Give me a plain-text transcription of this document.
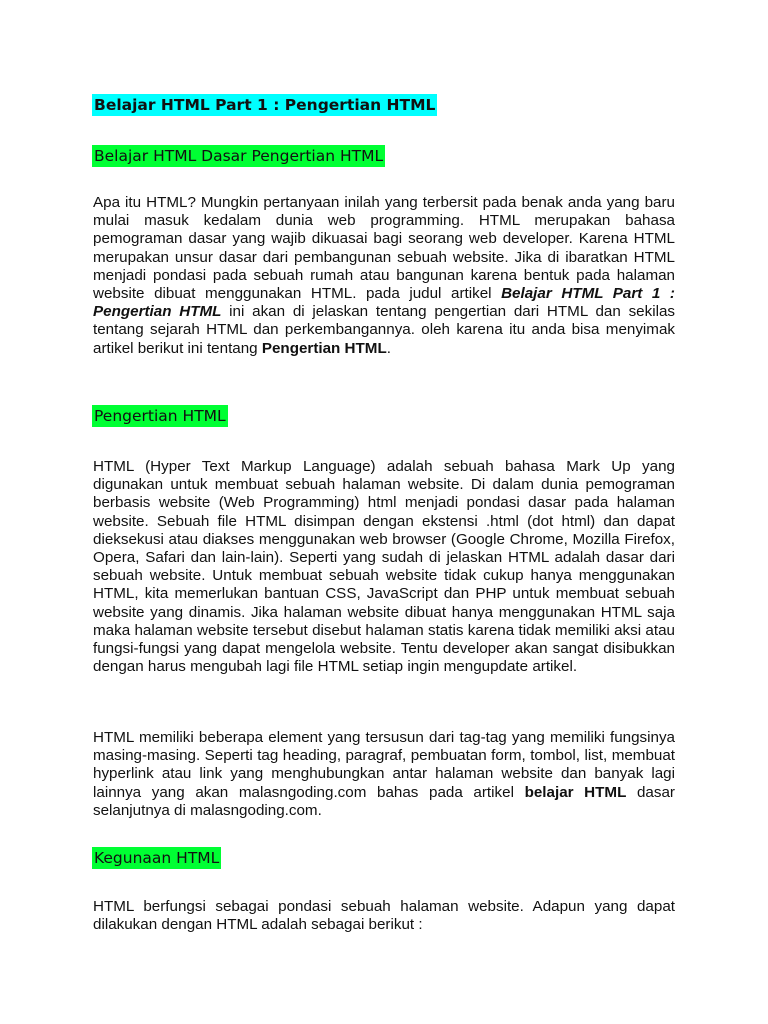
Belajar HTML Part 1 : Pengertian HTML
Belajar HTML Dasar Pengertian HTML

Apa itu HTML? Mungkin pertanyaan inilah yang terbersit pada benak anda yang baru mulai masuk kedalam dunia web programming. HTML merupakan bahasa pemograman dasar yang wajib dikuasai bagi seorang web developer. Karena HTML merupakan unsur dasar dari pembangunan sebuah website. Jika di ibaratkan HTML menjadi pondasi pada sebuah rumah atau bangunan karena bentuk pada halaman website dibuat menggunakan HTML. pada judul artikel Belajar HTML Part 1 : Pengertian HTML ini akan di jelaskan tentang pengertian dari HTML dan sekilas tentang sejarah HTML dan perkembangannya. oleh karena itu anda bisa menyimak artikel berikut ini tentang Pengertian HTML.

Pengertian HTML

HTML (Hyper Text Markup Language) adalah sebuah bahasa Mark Up yang digunakan untuk membuat sebuah halaman website. Di dalam dunia pemograman berbasis website (Web Programming) html menjadi pondasi dasar pada halaman website. Sebuah file HTML disimpan dengan ekstensi .html (dot html) dan dapat dieksekusi atau diakses menggunakan web browser (Google Chrome, Mozilla Firefox, Opera, Safari dan lain-lain). Seperti yang sudah di jelaskan HTML adalah dasar dari sebuah website. Untuk membuat sebuah website tidak cukup hanya menggunakan HTML, kita memerlukan bantuan CSS, JavaScript dan PHP untuk membuat sebuah website yang dinamis. Jika halaman website dibuat hanya menggunakan HTML saja maka halaman website tersebut disebut halaman statis karena tidak memiliki aksi atau fungsi-fungsi yang dapat mengelola website. Tentu developer akan sangat disibukkan dengan harus mengubah lagi file HTML setiap ingin mengupdate artikel.

HTML memiliki beberapa element yang tersusun dari tag-tag yang memiliki fungsinya masing-masing. Seperti tag heading, paragraf, pembuatan form, tombol, list, membuat hyperlink atau link yang menghubungkan antar halaman website dan banyak lagi lainnya yang akan malasngoding.com bahas pada artikel belajar HTML dasar selanjutnya di malasngoding.com.

Kegunaan HTML

HTML berfungsi sebagai pondasi sebuah halaman website. Adapun yang dapat dilakukan dengan HTML adalah sebagai berikut :
